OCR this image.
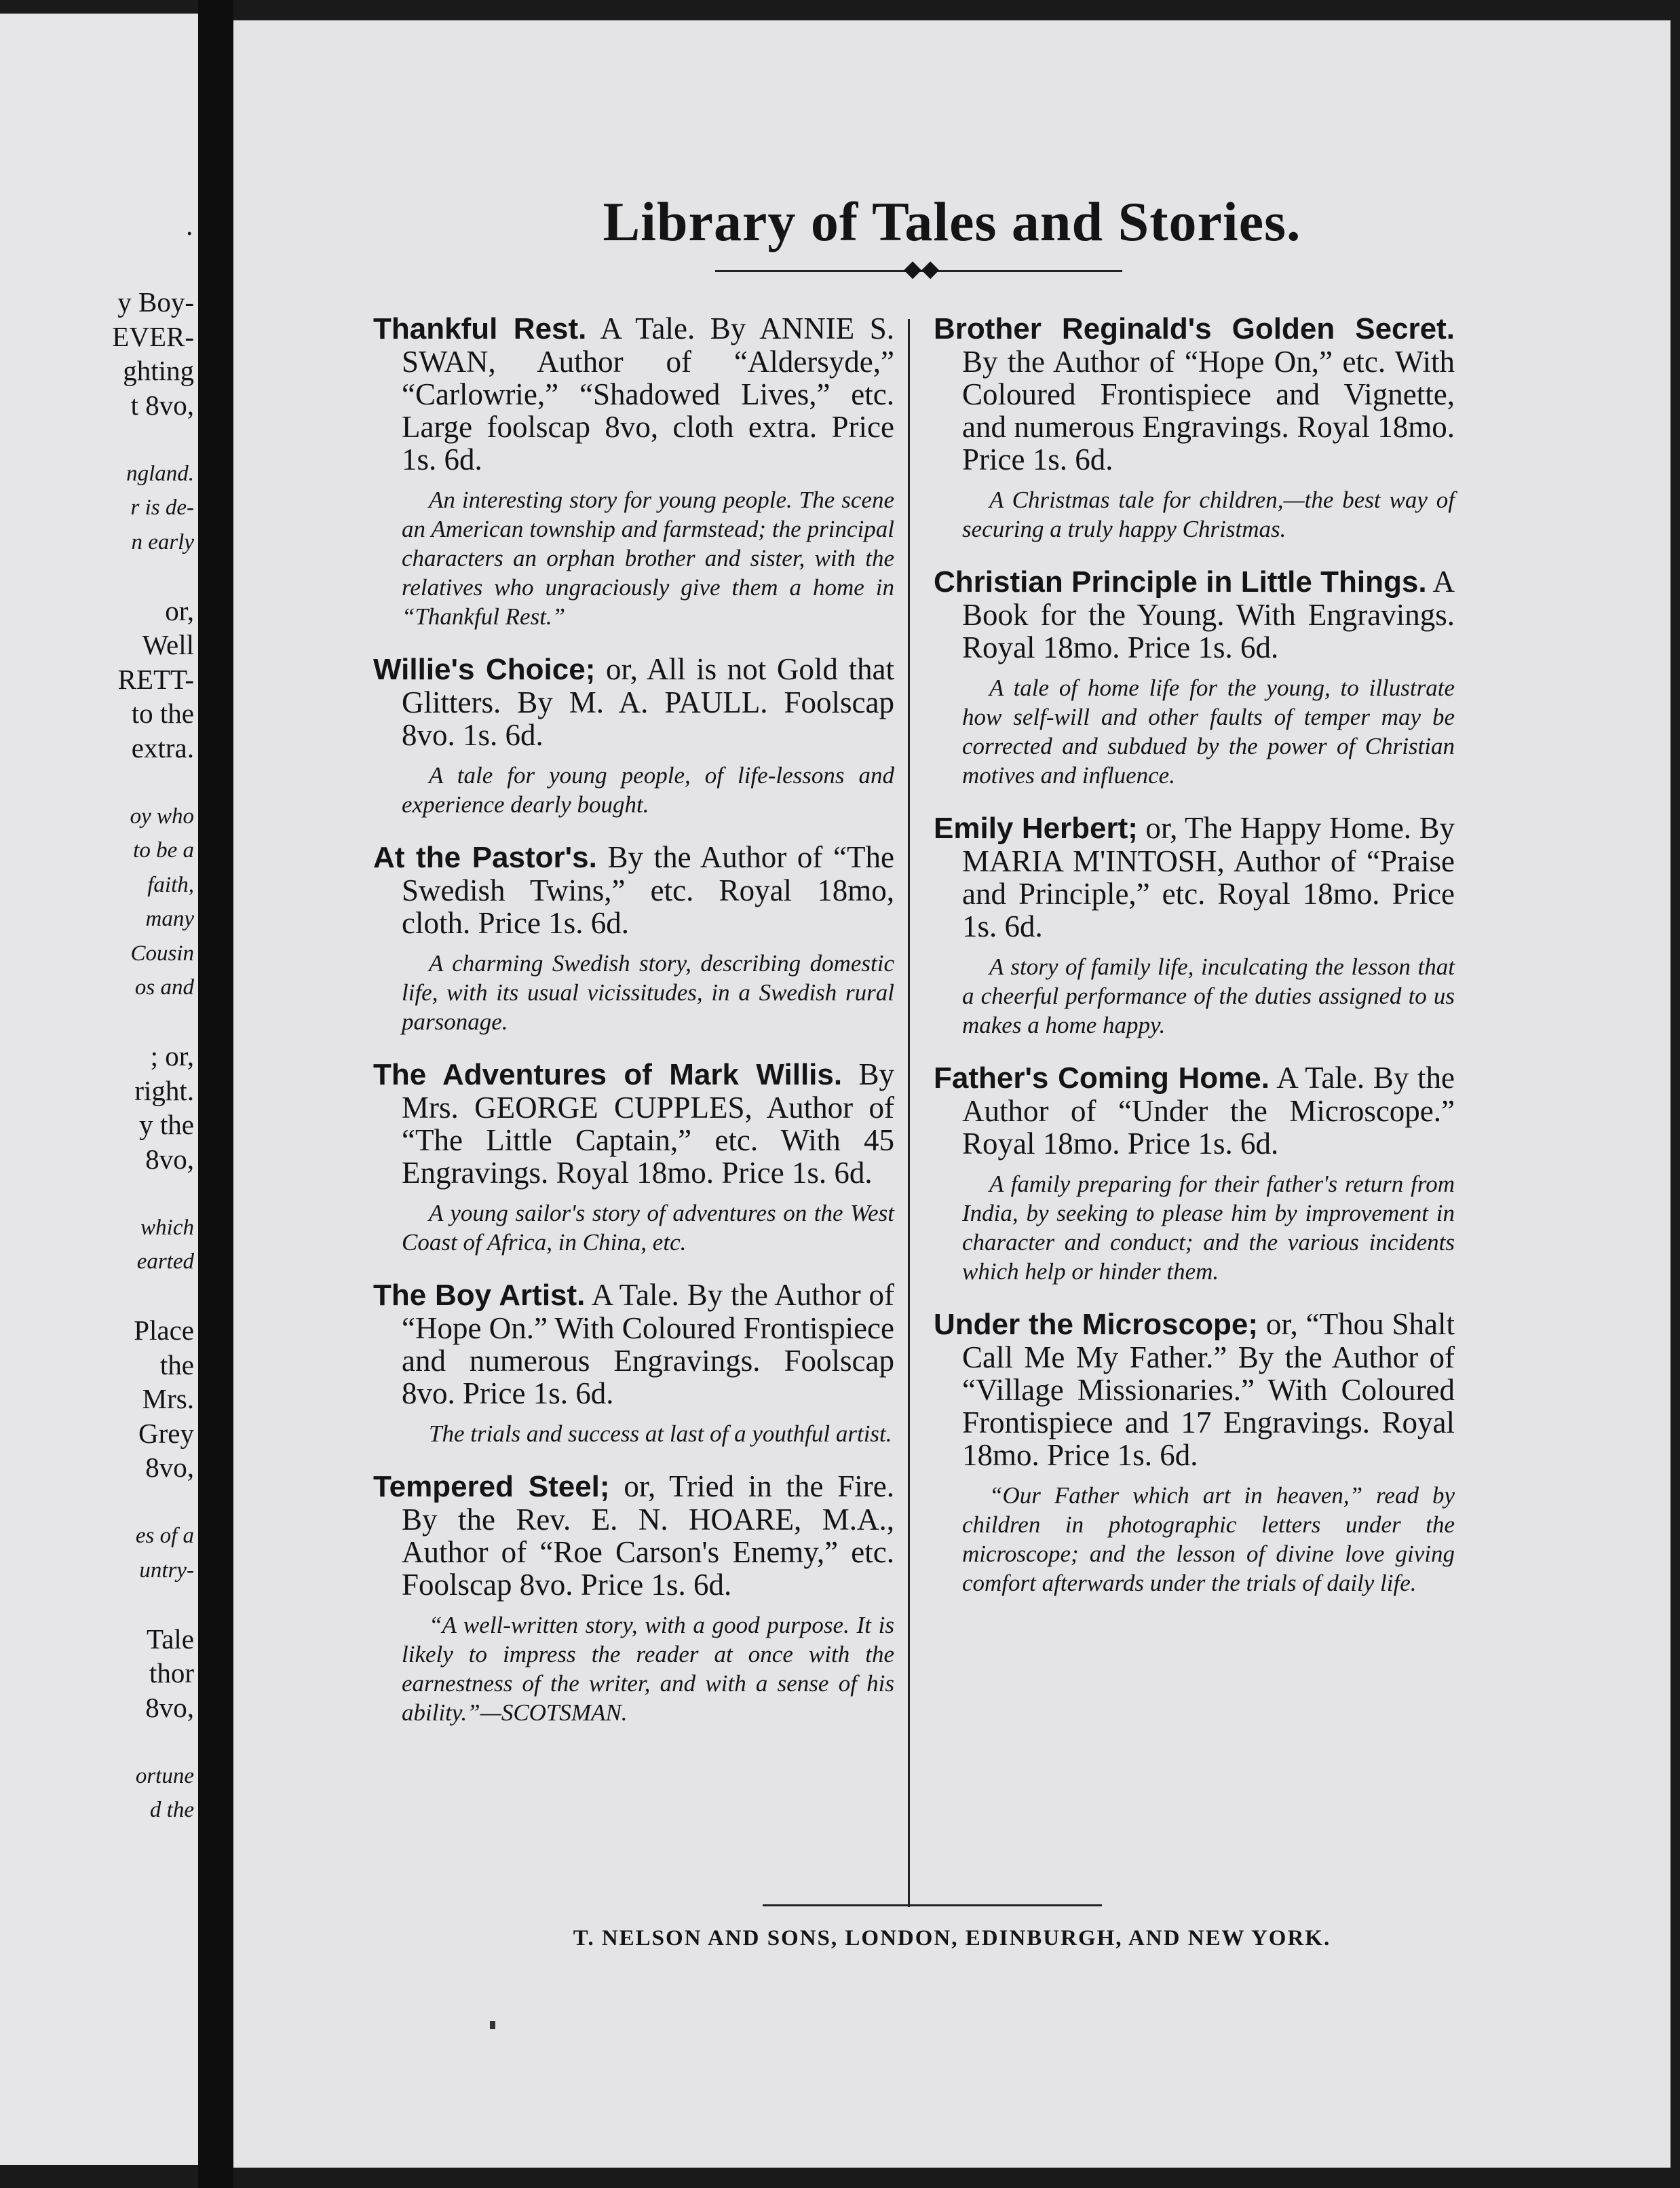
·
y Boy-
EVER-
ghting
t 8vo,
ngland.
r is de-
n early
or,
Well
RETT-
to the
extra.
oy who
to be a
faith,
many
Cousin
os and
; or,
right.
y the
8vo,
which
earted
Place
the
Mrs.
Grey
8vo,
es of a
untry-
Tale
thor
8vo,
ortune
d the
Library of Tales and Stories.
◆◆
Thankful Rest. A Tale. By ANNIE S. SWAN, Author of “Aldersyde,” “Carlowrie,” “Shadowed Lives,” etc. Large foolscap 8vo, cloth extra. Price 1s. 6d.
An interesting story for young people. The scene an American township and farmstead; the principal characters an orphan brother and sister, with the relatives who ungraciously give them a home in “Thankful Rest.”
Willie's Choice; or, All is not Gold that Glitters. By M. A. PAULL. Foolscap 8vo. 1s. 6d.
A tale for young people, of life-lessons and experience dearly bought.
At the Pastor's. By the Author of “The Swedish Twins,” etc. Royal 18mo, cloth. Price 1s. 6d.
A charming Swedish story, describing domestic life, with its usual vicissitudes, in a Swedish rural parsonage.
The Adventures of Mark Willis. By Mrs. GEORGE CUPPLES, Author of “The Little Captain,” etc. With 45 Engravings. Royal 18mo. Price 1s. 6d.
A young sailor's story of adventures on the West Coast of Africa, in China, etc.
The Boy Artist. A Tale. By the Author of “Hope On.” With Coloured Frontispiece and numerous Engravings. Foolscap 8vo. Price 1s. 6d.
The trials and success at last of a youthful artist.
Tempered Steel; or, Tried in the Fire. By the Rev. E. N. HOARE, M.A., Author of “Roe Carson's Enemy,” etc. Foolscap 8vo. Price 1s. 6d.
“A well-written story, with a good purpose. It is likely to impress the reader at once with the earnestness of the writer, and with a sense of his ability.”—SCOTSMAN.
Brother Reginald's Golden Secret. By the Author of “Hope On,” etc. With Coloured Frontispiece and Vignette, and numerous Engravings. Royal 18mo. Price 1s. 6d.
A Christmas tale for children,—the best way of securing a truly happy Christmas.
Christian Principle in Little Things. A Book for the Young. With Engravings. Royal 18mo. Price 1s. 6d.
A tale of home life for the young, to illustrate how self-will and other faults of temper may be corrected and subdued by the power of Christian motives and influence.
Emily Herbert; or, The Happy Home. By MARIA M'INTOSH, Author of “Praise and Principle,” etc. Royal 18mo. Price 1s. 6d.
A story of family life, inculcating the lesson that a cheerful performance of the duties assigned to us makes a home happy.
Father's Coming Home. A Tale. By the Author of “Under the Microscope.” Royal 18mo. Price 1s. 6d.
A family preparing for their father's return from India, by seeking to please him by improvement in character and conduct; and the various incidents which help or hinder them.
Under the Microscope; or, “Thou Shalt Call Me My Father.” By the Author of “Village Missionaries.” With Coloured Frontispiece and 17 Engravings. Royal 18mo. Price 1s. 6d.
“Our Father which art in heaven,” read by children in photographic letters under the microscope; and the lesson of divine love giving comfort afterwards under the trials of daily life.
T. NELSON AND SONS, LONDON, EDINBURGH, AND NEW YORK.
